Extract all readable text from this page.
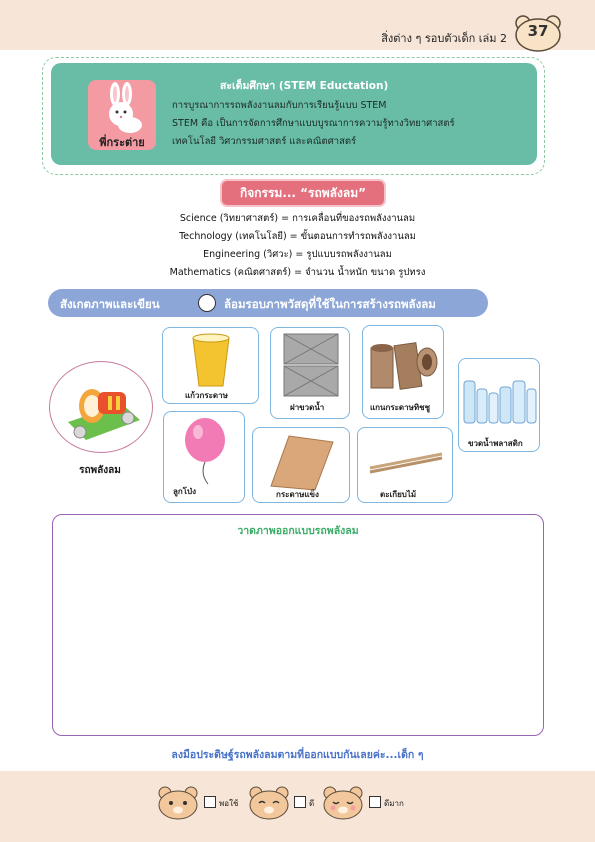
สิ่งต่าง ๆ รอบตัวเด็ก เล่ม 2	37
พี่กระต่าย
สะเต็มศึกษา (STEM Eductation)
การบูรณาการรถพลังงานลมกับการเรียนรู้แบบ STEM
STEM คือ เป็นการจัดการศึกษาแบบบูรณาการความรู้ทางวิทยาศาสตร์
เทคโนโลยี วิศวกรรมศาสตร์ และคณิตศาสตร์
กิจกรรม... “รถพลังลม”
Science (วิทยาศาสตร์) = การเคลื่อนที่ของรถพลังงานลม
Technology (เทคโนโลยี) = ขั้นตอนการทำรถพลังงานลม
Engineering (วิศวะ) = รูปแบบรถพลังงานลม
Mathematics (คณิตศาสตร์) = จำนวน น้ำหนัก ขนาด รูปทรง
สังเกตภาพและเขียน	ล้อมรอบภาพวัสดุที่ใช้ในการสร้างรถพลังลม
รถพลังลม
แก้วกระดาษ
ฝาขวดน้ำ	แกนกระดาษทิชชู
ขวดน้ำพลาสติก
ลูกโป่ง	กระดาษแข็ง	ตะเกียบไม้
วาดภาพออกแบบรถพลังลม
ลงมือประดิษฐ์รถพลังลมตามที่ออกแบบกันเลยค่ะ...เด็ก ๆ
พอใช้	ดี	ดีมาก
